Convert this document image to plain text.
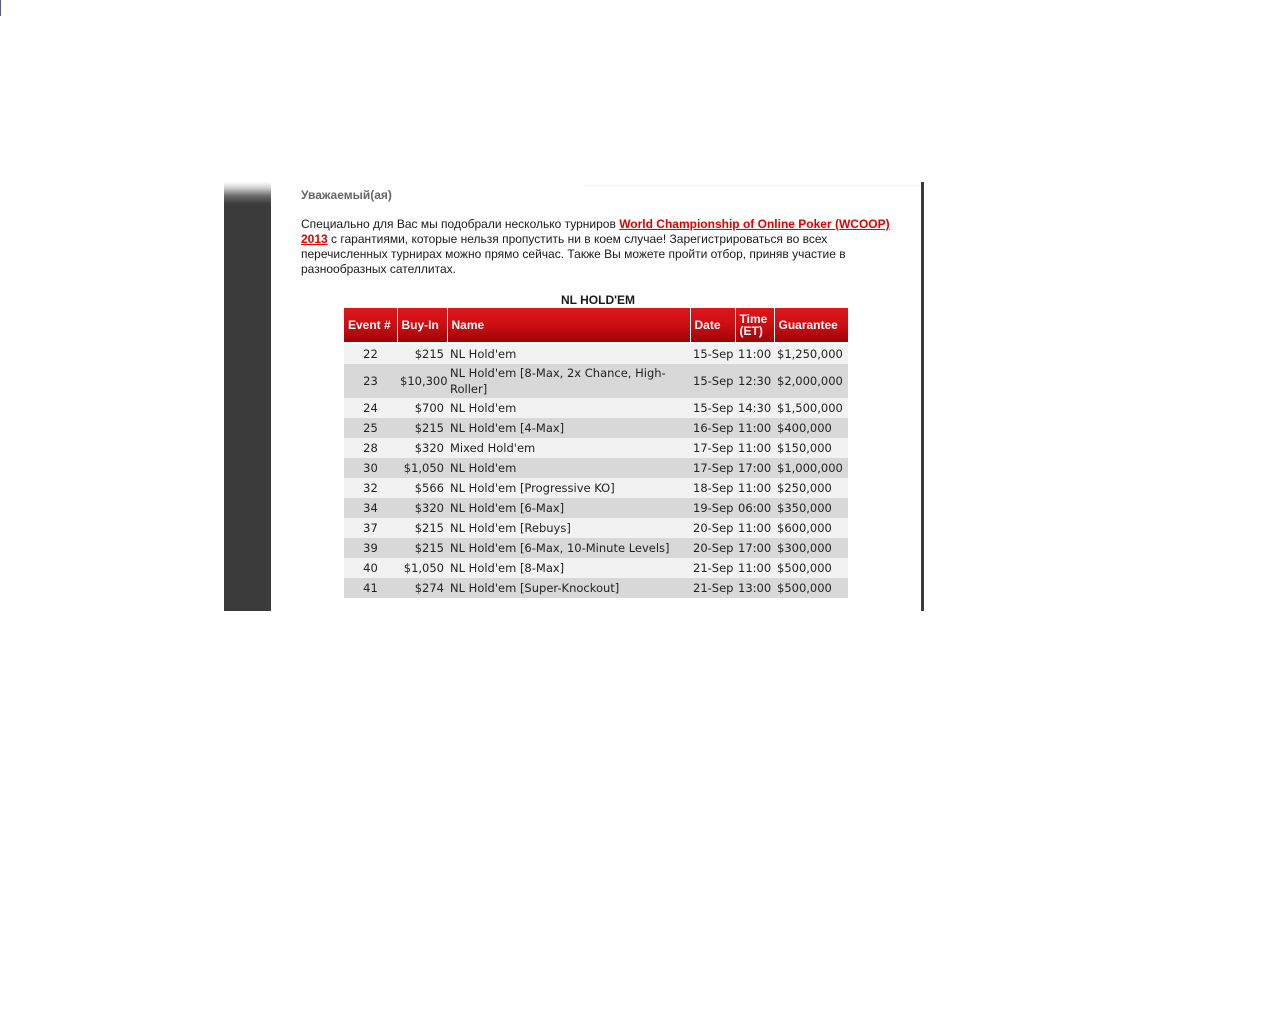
Уважаемый(ая)
Специально для Вас мы подобрали несколько турниров World Championship of Online Poker (WCOOP) 2013 с гарантиями, которые нельзя пропустить ни в коем случае! Зарегистрироваться во всех перечисленных турнирах можно прямо сейчас. Также Вы можете пройти отбор, приняв участие в разнообразных сателлитах.
NL HOLD'EM
Event #	Buy-In	Name	Date	Time (ET)	Guarantee

22	$215	NL Hold'em	15-Sep	11:00	$1,250,000
23	$10,300	NL Hold'em [8-Max, 2x Chance, High-Roller]	15-Sep	12:30	$2,000,000
24	$700	NL Hold'em	15-Sep	14:30	$1,500,000
25	$215	NL Hold'em [4-Max]	16-Sep	11:00	$400,000
28	$320	Mixed Hold'em	17-Sep	11:00	$150,000
30	$1,050	NL Hold'em	17-Sep	17:00	$1,000,000
32	$566	NL Hold'em [Progressive KO]	18-Sep	11:00	$250,000
34	$320	NL Hold'em [6-Max]	19-Sep	06:00	$350,000
37	$215	NL Hold'em [Rebuys]	20-Sep	11:00	$600,000
39	$215	NL Hold'em [6-Max, 10-Minute Levels]	20-Sep	17:00	$300,000
40	$1,050	NL Hold'em [8-Max]	21-Sep	11:00	$500,000
41	$274	NL Hold'em [Super-Knockout]	21-Sep	13:00	$500,000
